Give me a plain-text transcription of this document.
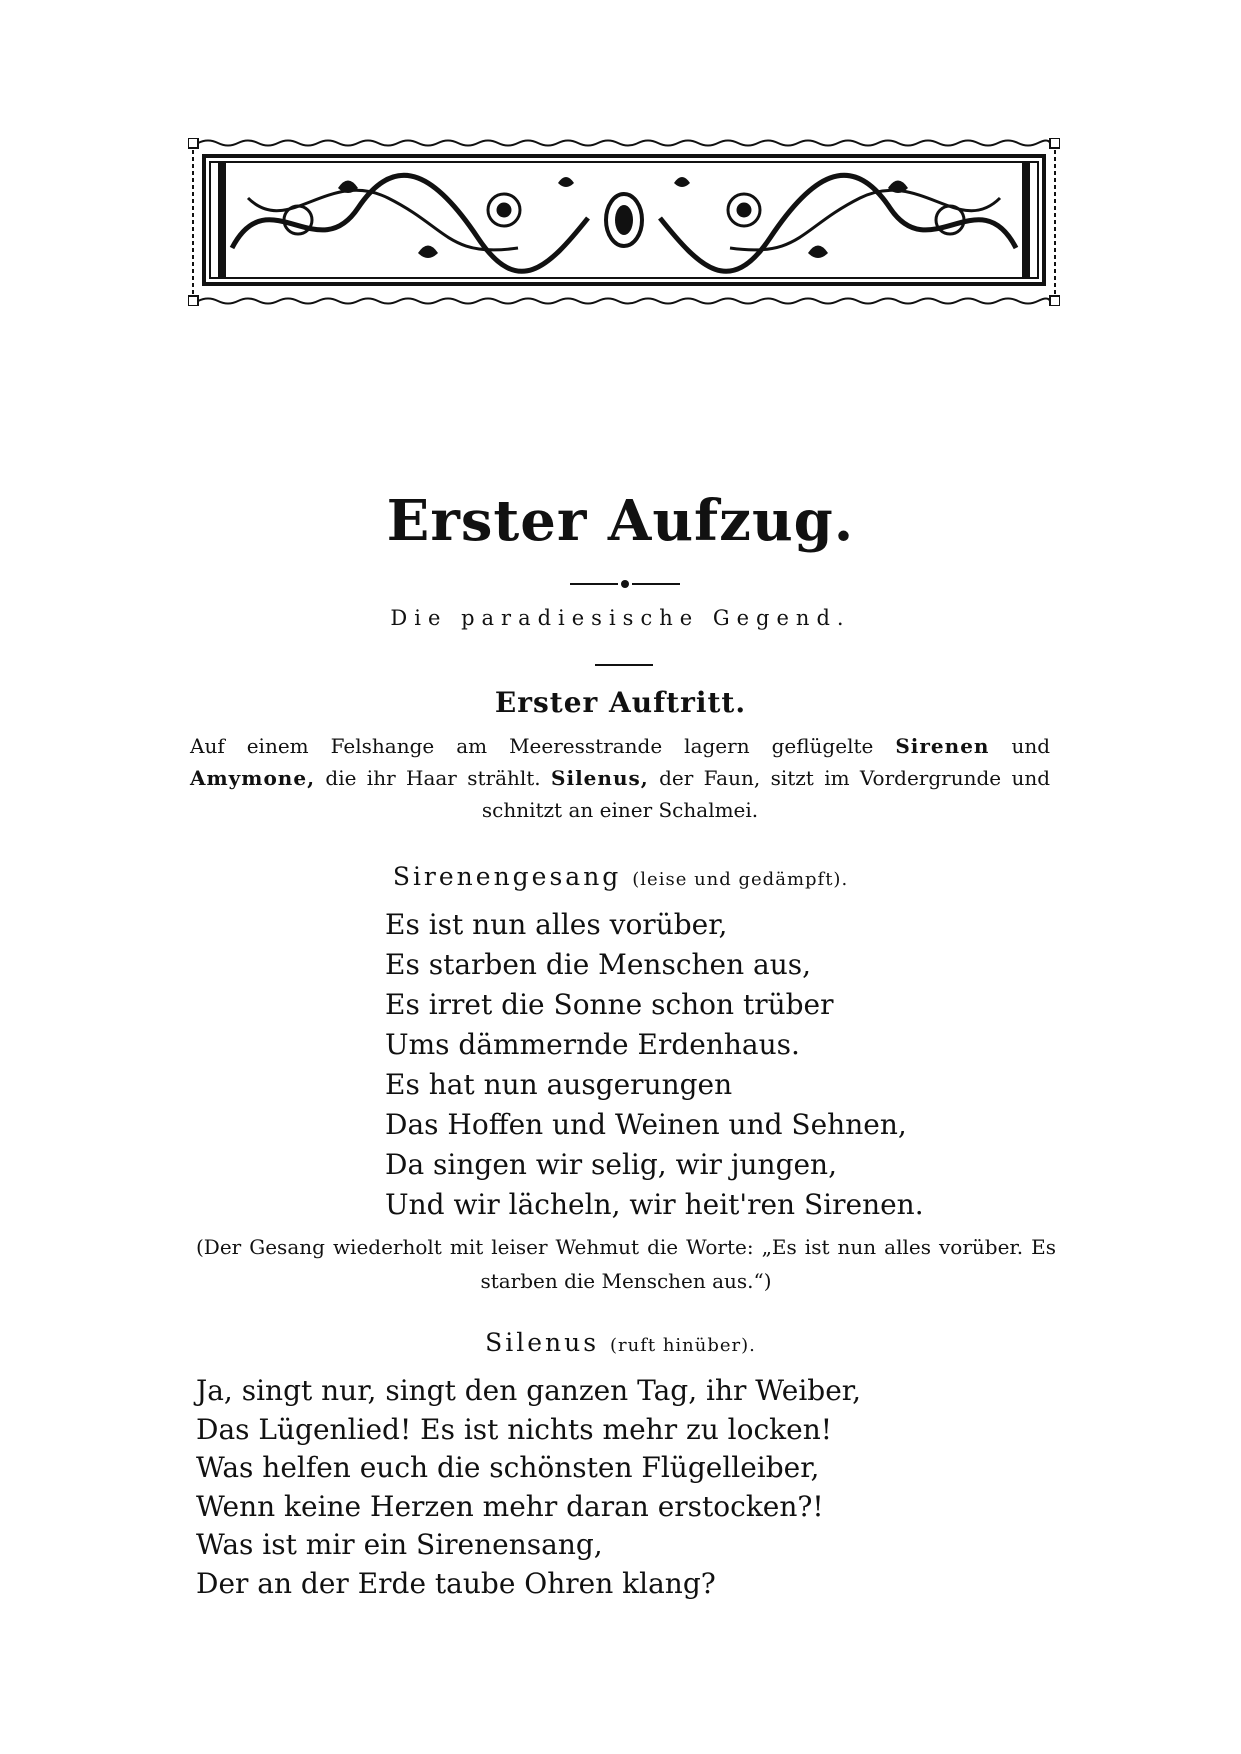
Erster Aufzug.
Die paradiesische Gegend.
Erster Auftritt.
Auf einem Felshange am Meeresstrande lagern geflügelte Sirenen und Amymone, die ihr Haar strählt. Silenus, der Faun, sitzt im Vordergrunde und schnitzt an einer Schalmei.
Sirenengesang (leise und gedämpft).
Es ist nun alles vorüber,
Es starben die Menschen aus,
Es irret die Sonne schon trüber
Ums dämmernde Erdenhaus.
Es hat nun ausgerungen
Das Hoffen und Weinen und Sehnen,
Da singen wir selig, wir jungen,
Und wir lächeln, wir heit'ren Sirenen.
(Der Gesang wiederholt mit leiser Wehmut die Worte: „Es ist nun alles vorüber. Es starben die Menschen aus.“)
Silenus (ruft hinüber).
Ja, singt nur, singt den ganzen Tag, ihr Weiber,
Das Lügenlied! Es ist nichts mehr zu locken!
Was helfen euch die schönsten Flügelleiber,
Wenn keine Herzen mehr daran erstocken?!
Was ist mir ein Sirenensang,
Der an der Erde taube Ohren klang?
